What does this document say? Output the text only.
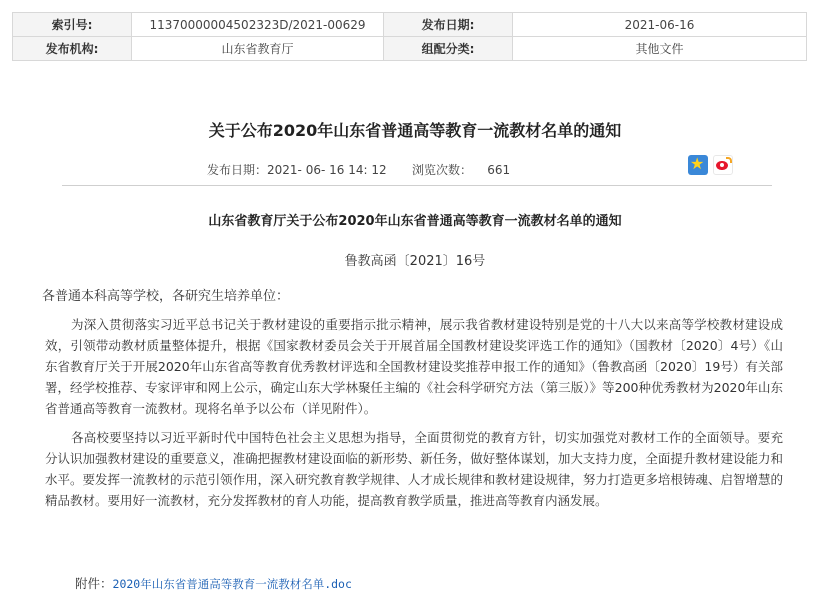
索引号:	11370000004502323D/2021-00629	发布日期:	2021-06-16
发布机构:	山东省教育厅	组配分类:	其他文件
关于公布2020年山东省普通高等教育一流教材名单的通知
发布日期：2021- 06- 16 14: 12 浏览次数： 661	★
山东省教育厅关于公布2020年山东省普通高等教育一流教材名单的通知
鲁教高函〔2021〕16号
各普通本科高等学校，各研究生培养单位：

为深入贯彻落实习近平总书记关于教材建设的重要指示批示精神，展示我省教材建设特别是党的十八大以来高等学校教材建设成效，引领带动教材质量整体提升，根据《国家教材委员会关于开展首届全国教材建设奖评选工作的通知》（国教材〔2020〕4号）《山东省教育厅关于开展2020年山东省高等教育优秀教材评选和全国教材建设奖推荐申报工作的通知》（鲁教高函〔2020〕19号）有关部署，经学校推荐、专家评审和网上公示，确定山东大学林聚任主编的《社会科学研究方法（第三版）》等200种优秀教材为2020年山东省普通高等教育一流教材。现将名单予以公布（详见附件）。

各高校要坚持以习近平新时代中国特色社会主义思想为指导，全面贯彻党的教育方针，切实加强党对教材工作的全面领导。要充分认识加强教材建设的重要意义，准确把握教材建设面临的新形势、新任务，做好整体谋划，加大支持力度，全面提升教材建设能力和水平。要发挥一流教材的示范引领作用，深入研究教育教学规律、人才成长规律和教材建设规律，努力打造更多培根铸魂、启智增慧的精品教材。要用好一流教材，充分发挥教材的育人功能，提高教育教学质量，推进高等教育内涵发展。

附件：2020年山东省普通高等教育一流教材名单.doc
